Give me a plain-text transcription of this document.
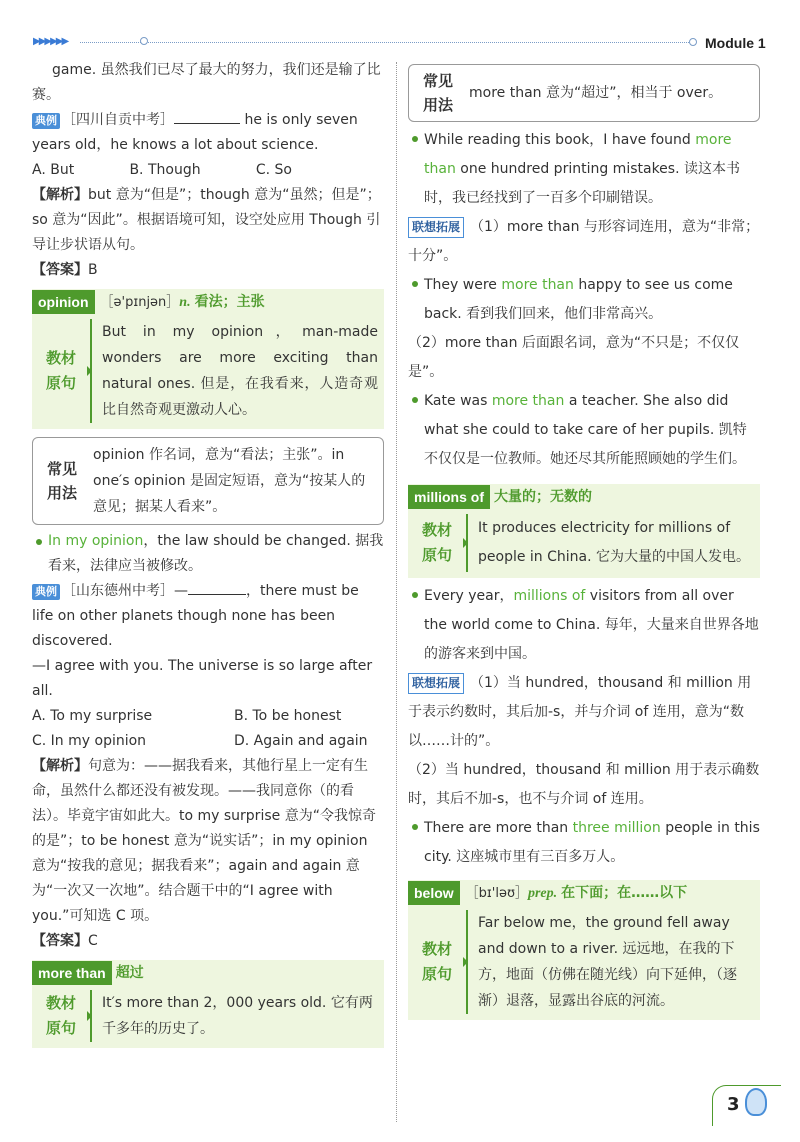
▶▶▶▶▶▶	Module 1

game. 虽然我们已尽了最大的努力，我们还是输了比赛。

典例 ［四川自贡中考］	he is only seven years old，he knows a lot about science.

A. But	B. Though	C. So

【解析】but 意为“但是”；though 意为“虽然；但是”；so 意为“因此”。根据语境可知，设空处应用 Though 引导让步状语从句。

【答案】B

opinion ［ə'pɪnjən］ n. 看法；主张
教材
原句
But in my opinion，man-made wonders are more exciting than natural ones. 但是，在我看来，人造奇观比自然奇观更激动人心。
常见
用法
opinion 作名词，意为“看法；主张”。in one′s opinion 是固定短语，意为“按某人的意见；据某人看来”。

In my opinion，the law should be changed. 据我看来，法律应当被修改。

典例 ［山东德州中考］—	，there must be life on other planets though none has been discovered.

—I agree with you. The universe is so large after all.

A. To my surprise	B. To be honest
C. In my opinion	D. Again and again

【解析】句意为：——据我看来，其他行星上一定有生命，虽然什么都还没有被发现。——我同意你（的看法）。毕竟宇宙如此大。to my surprise 意为“令我惊奇的是”；to be honest 意为“说实话”；in my opinion 意为“按我的意见；据我看来”；again and again 意为“一次又一次地”。结合题干中的“I agree with you.”可知选 C 项。

【答案】C

more than 超过
教材
原句
It′s more than 2，000 years old. 它有两千多年的历史了。
常见
用法
more than 意为“超过”，相当于 over。

While reading this book，I have found more than one hundred printing mistakes. 读这本书时，我已经找到了一百多个印刷错误。

联想拓展 （1）more than 与形容词连用，意为“非常；十分”。

They were more than happy to see us come back. 看到我们回来，他们非常高兴。

（2）more than 后面跟名词，意为“不只是；不仅仅是”。

Kate was more than a teacher. She also did what she could to take care of her pupils. 凯特不仅仅是一位教师。她还尽其所能照顾她的学生们。

millions of 大量的；无数的
教材
原句
It produces electricity for millions of people in China. 它为大量的中国人发电。

Every year，millions of visitors from all over the world come to China. 每年，大量来自世界各地的游客来到中国。

联想拓展 （1）当 hundred，thousand 和 million 用于表示约数时，其后加-s，并与介词 of 连用，意为“数以……计的”。

（2）当 hundred，thousand 和 million 用于表示确数时，其后不加-s，也不与介词 of 连用。

There are more than three million people in this city. 这座城市里有三百多万人。

below ［bɪ'ləʊ］ prep. 在下面；在……以下
教材
原句
Far below me，the ground fell away and down to a river. 远远地，在我的下方，地面（仿佛在随光线）向下延伸，（逐渐）退落，显露出谷底的河流。
3
